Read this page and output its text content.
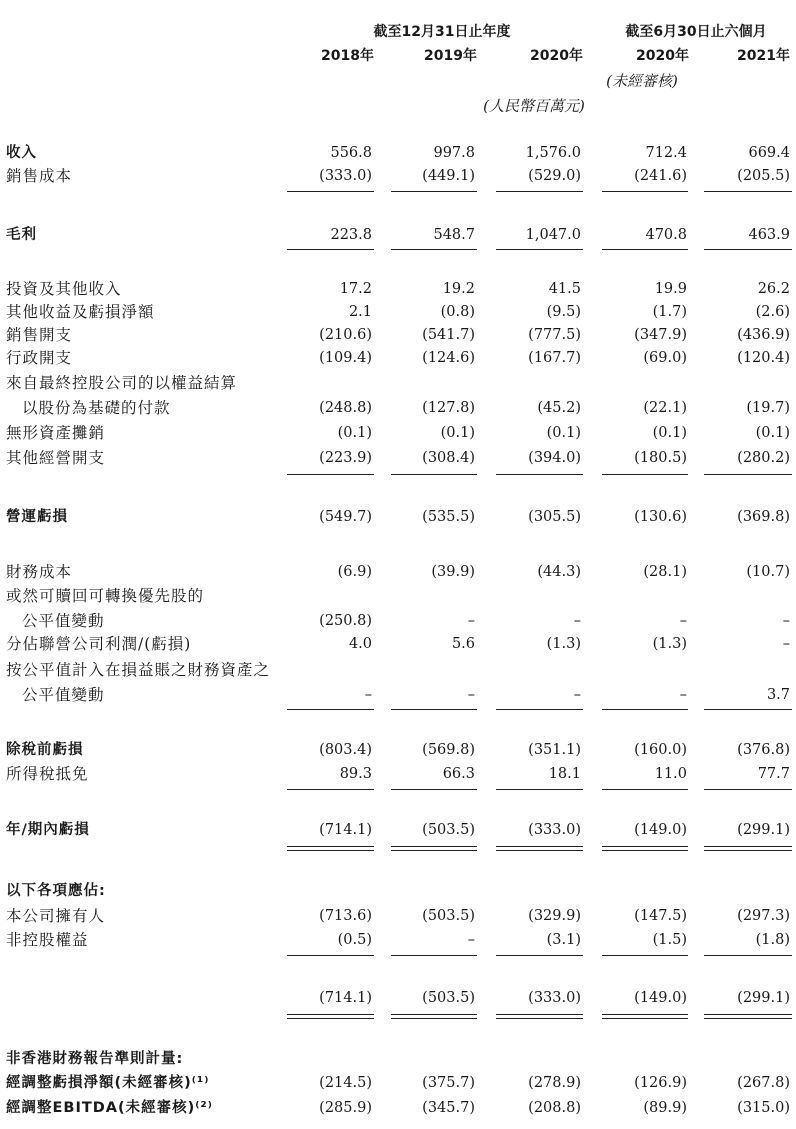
截至12月31日止年度	截至6月30日止六個月
2018年	2019年	2020年	2020年	2021年
(未經審核)
(人民幣百萬元)
收入	556.8	997.8	1,576.0	712.4	669.4
銷售成本	(333.0)	(449.1)	(529.0)	(241.6)	(205.5)
毛利	223.8	548.7	1,047.0	470.8	463.9
投資及其他收入	17.2	19.2	41.5	19.9	26.2
其他收益及虧損淨額	2.1	(0.8)	(9.5)	(1.7)	(2.6)
銷售開支	(210.6)	(541.7)	(777.5)	(347.9)	(436.9)
行政開支	(109.4)	(124.6)	(167.7)	(69.0)	(120.4)
來自最終控股公司的以權益結算
以股份為基礎的付款	(248.8)	(127.8)	(45.2)	(22.1)	(19.7)
無形資產攤銷	(0.1)	(0.1)	(0.1)	(0.1)	(0.1)
其他經營開支	(223.9)	(308.4)	(394.0)	(180.5)	(280.2)
營運虧損	(549.7)	(535.5)	(305.5)	(130.6)	(369.8)
財務成本	(6.9)	(39.9)	(44.3)	(28.1)	(10.7)
或然可贖回可轉換優先股的
公平值變動	(250.8)	–	–	–	–
分佔聯營公司利潤/(虧損)	4.0	5.6	(1.3)	(1.3)	–
按公平值計入在損益賬之財務資產之
公平值變動	–	–	–	–	3.7
除稅前虧損	(803.4)	(569.8)	(351.1)	(160.0)	(376.8)
所得稅抵免	89.3	66.3	18.1	11.0	77.7
年/期內虧損	(714.1)	(503.5)	(333.0)	(149.0)	(299.1)
以下各項應佔:
本公司擁有人	(713.6)	(503.5)	(329.9)	(147.5)	(297.3)
非控股權益	(0.5)	–	(3.1)	(1.5)	(1.8)
(714.1)	(503.5)	(333.0)	(149.0)	(299.1)
非香港財務報告準則計量:
經調整虧損淨額(未經審核)⁽¹⁾	(214.5)	(375.7)	(278.9)	(126.9)	(267.8)
經調整EBITDA(未經審核)⁽²⁾	(285.9)	(345.7)	(208.8)	(89.9)	(315.0)
